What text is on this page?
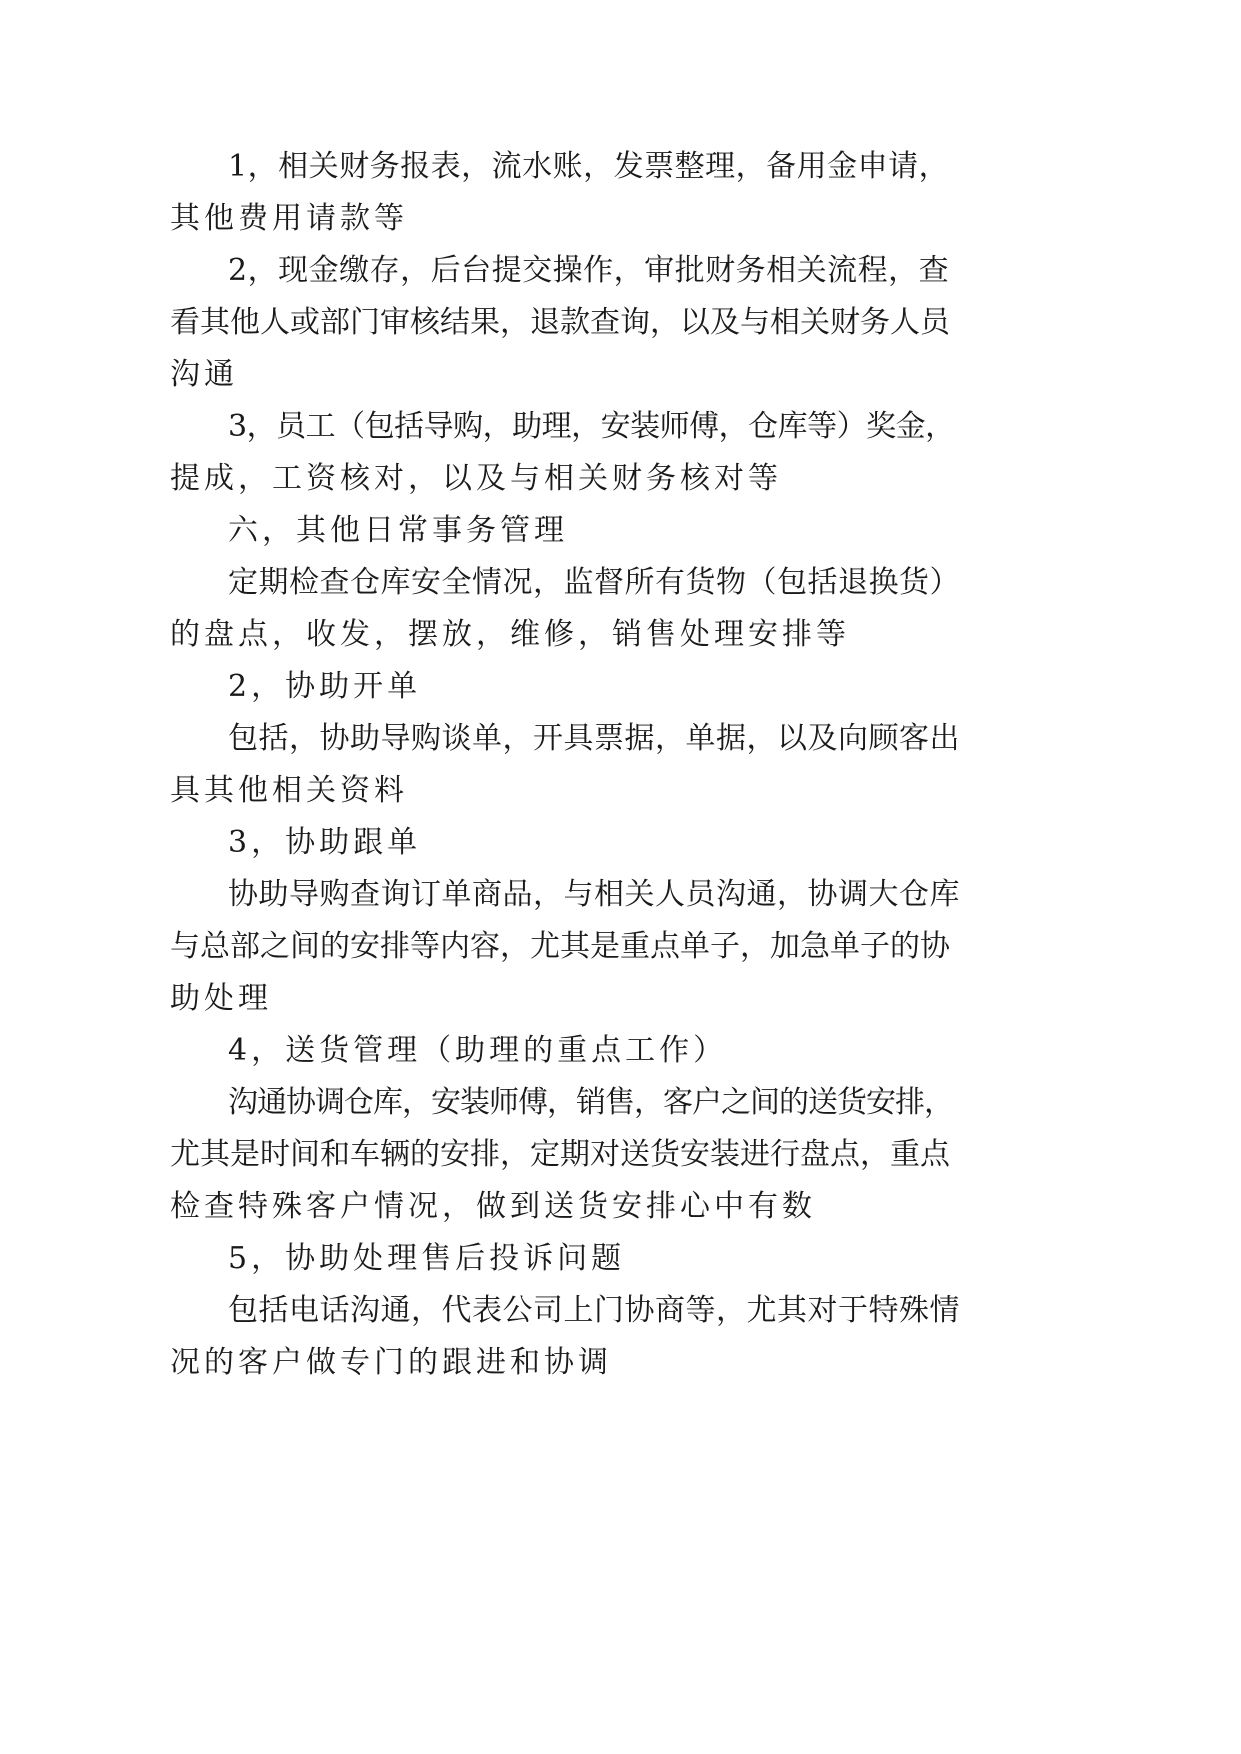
1，相关财务报表，流水账，发票整理，备用金申请，
其他费用请款等
2，现金缴存，后台提交操作，审批财务相关流程，查
看其他人或部门审核结果，退款查询，以及与相关财务人员
沟通
3，员工（包括导购，助理，安装师傅，仓库等）奖金，
提成，工资核对，以及与相关财务核对等
六，其他日常事务管理
定期检查仓库安全情况，监督所有货物（包括退换货）
的盘点，收发，摆放，维修，销售处理安排等
2，协助开单
包括，协助导购谈单，开具票据，单据，以及向顾客出
具其他相关资料
3，协助跟单
协助导购查询订单商品，与相关人员沟通，协调大仓库
与总部之间的安排等内容，尤其是重点单子，加急单子的协
助处理
4，送货管理（助理的重点工作）
沟通协调仓库，安装师傅，销售，客户之间的送货安排，
尤其是时间和车辆的安排，定期对送货安装进行盘点，重点
检查特殊客户情况，做到送货安排心中有数
5，协助处理售后投诉问题
包括电话沟通，代表公司上门协商等，尤其对于特殊情
况的客户做专门的跟进和协调
